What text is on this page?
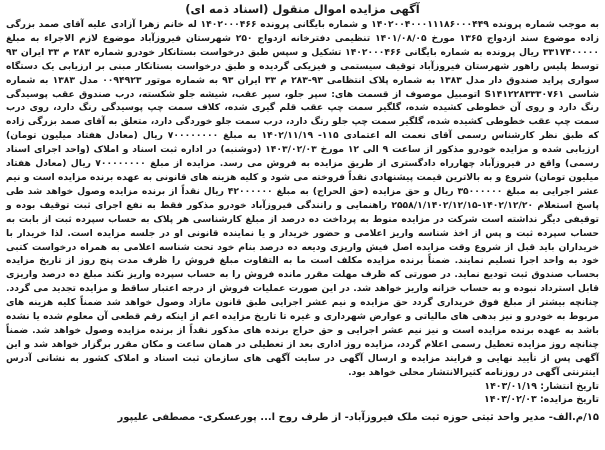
آگهی مزایده اموال منقول (اسناد ذمه ای)

به موجب شماره پرونده ۱۴۰۲۰۰۴۰۰۰۱۱۱۸۶۰۰۰۴۴۹ و شماره بایگانی پرونده ۱۴۰۲۰۰۰۴۶۶ له خانم زهرا آزادی علیه آقای صمد بزرگی زاده موضوع سند ازدواج ۱۳۶۵ مورخ ۱۴۰۱/۰۸/۰۵ تنظیمی دفترخانه ازدواج ۲۵۰ شهرستان فیروزآباد موضوع لازم الاجراء به مبلغ ۳۳۱۷۴۰۰۰۰۰ ریال پرونده به شماره بایگانی ۱۴۰۲۰۰۰۴۶۶ تشکیل و سپس طبق درخواست بستانکار خودرو شماره ۲۸۳ م ۳۳ ایران ۹۳ توسط پلیس راهور شهرستان فیروزآباد توقیف سیستمی و فیزیکی گردیده و طبق درخواست بستانکار مبنی بر ارزیابی یک دستگاه سواری پراید صندوق دار مدل ۱۳۸۳ به شماره پلاک انتظامی ۹۳-۲۸۳ م ۳۳ ایران ۹۳ به شماره موتور ۰۰۹۴۹۲۳ مدل ۱۳۸۳ به شماره شاسی S۱۴۱۲۲۸۳۳۳۰۷۶۱ اتومبیل موصوف از قسمت های: سپر جلو، سپر عقب، شیشه جلو شکسته، درب صندوق عقب پوسیدگی رنگ دارد و روی آن خطوطی کشیده شده، گلگیر سمت چپ عقب قلم گیری شده، کلاف سمت چپ پوسیدگی رنگ دارد، روی درب سمت چپ عقب خطوطی کشیده شده، گلگیر سمت چپ جلو رنگ دارد، درب سمت جلو خوردگی دارد، متعلق به آقای صمد بزرگی زاده که طبق نظر کارشناس رسمی آقای نعمت اله اعتمادی ۱۱۵- ۱۴۰۲/۱۱/۱۹ به مبلغ ۷۰۰۰۰۰۰۰۰ ریال (معادل هفتاد میلیون تومان) ارزیابی شده و مزایده خودرو مذکور از ساعت ۹ الی ۱۲ مورخ ۱۴۰۳/۰۲/۰۳ (دوشنبه) در اداره ثبت اسناد و املاک (واحد اجرای اسناد رسمی) واقع در فیروزآباد چهارراه دادگستری از طریق مزایده به فروش می رسد. مزایده از مبلغ ۷۰۰۰۰۰۰۰۰ ریال (معادل هفتاد میلیون تومان) شروع و به بالاترین قیمت پیشنهادی نقداً فروخته می شود و کلیه هزینه های قانونی به عهده برنده مزایده است و نیم عشر اجرایی به مبلغ ۳۵۰۰۰۰۰۰ ریال و حق مزایده (حق الحراج) به مبلغ ۴۲۰۰۰۰۰۰ ریال نقداً از برنده مزایده وصول خواهد شد طی پاسخ استعلام ۱۴۰۲/۱۲/۲۰-۲۵۵۸/۱/۱۴۰۲/۱۲/۱۵ راهنمایی و رانندگی فیروزآباد خودرو مذکور فقط به نفع اجرای ثبت توقیف بوده و توقیفی دیگر نداشته است شرکت در مزایده منوط به پرداخت ده درصد از مبلغ کارشناسی هر پلاک به حساب سپرده ثبت از بابت به حساب سپرده ثبت و پس از اخذ شناسه واریز اعلامی و حضور خریدار و یا نماینده قانونی او در جلسه مزایده است. لذا خریدار با خریداران باید قبل از شروع وقت مزایده اصل فیش واریزی ودیعه ده درصد بنام خود تحت شناسه اعلامی به همراه درخواست کتبی خود به واحد اجرا تسلیم نمایند. ضمناً برنده مزایده مکلف است ما به التفاوت مبلغ فروش را ظرف مدت پنج روز از تاریخ مزایده بحساب صندوق ثبت تودیع نماید. در صورتی که ظرف مهلت مقرر مانده فروش را به حساب سپرده واریز نکند مبلغ ده درصد واریزی قابل استرداد نبوده و به حساب خزانه واریز خواهد شد. در این صورت عملیات فروش از درجه اعتبار ساقط و مزایده تجدید می گردد. چنانچه بیشتر از مبلغ فوق خریداری گردد حق مزایده و نیم عشر اجرایی طبق قانون مازاد وصول خواهد شد ضمناً کلیه هزینه های مربوط به خودرو و نیز بدهی های مالیاتی و عوارض شهرداری و غیره تا تاریخ مزایده اعم از اینکه رقم قطعی آن معلوم شده یا نشده باشد به عهده برنده مزایده است و نیز نیم عشر اجرایی و حق حراج برنده های مذکور نقداً از برنده مزایده وصول خواهد شد. ضمناً چنانچه روز مزایده تعطیل رسمی اعلام گردد، مزایده روز اداری بعد از تعطیلی در همان ساعت و مکان مقرر برگزار خواهد شد و این آگهی پس از تأیید نهایی و فرایند مزایده و ارسال آگهی در سایت آگهی های سازمان ثبت اسناد و املاک کشور به نشانی آدرس اینترنتی آگهی در روزنامه کثیرالانتشار محلی خواهد بود.

تاریخ انتشار: ۱۴۰۳/۰۱/۱۹

تاریخ مزایده: ۱۴۰۳/۰۲/۰۳

۱۵/م.الف- مدیر واحد ثبتی حوزه ثبت ملک فیروزآباد- از طرف روح ا... پورعسکری- مصطفی علیپور
